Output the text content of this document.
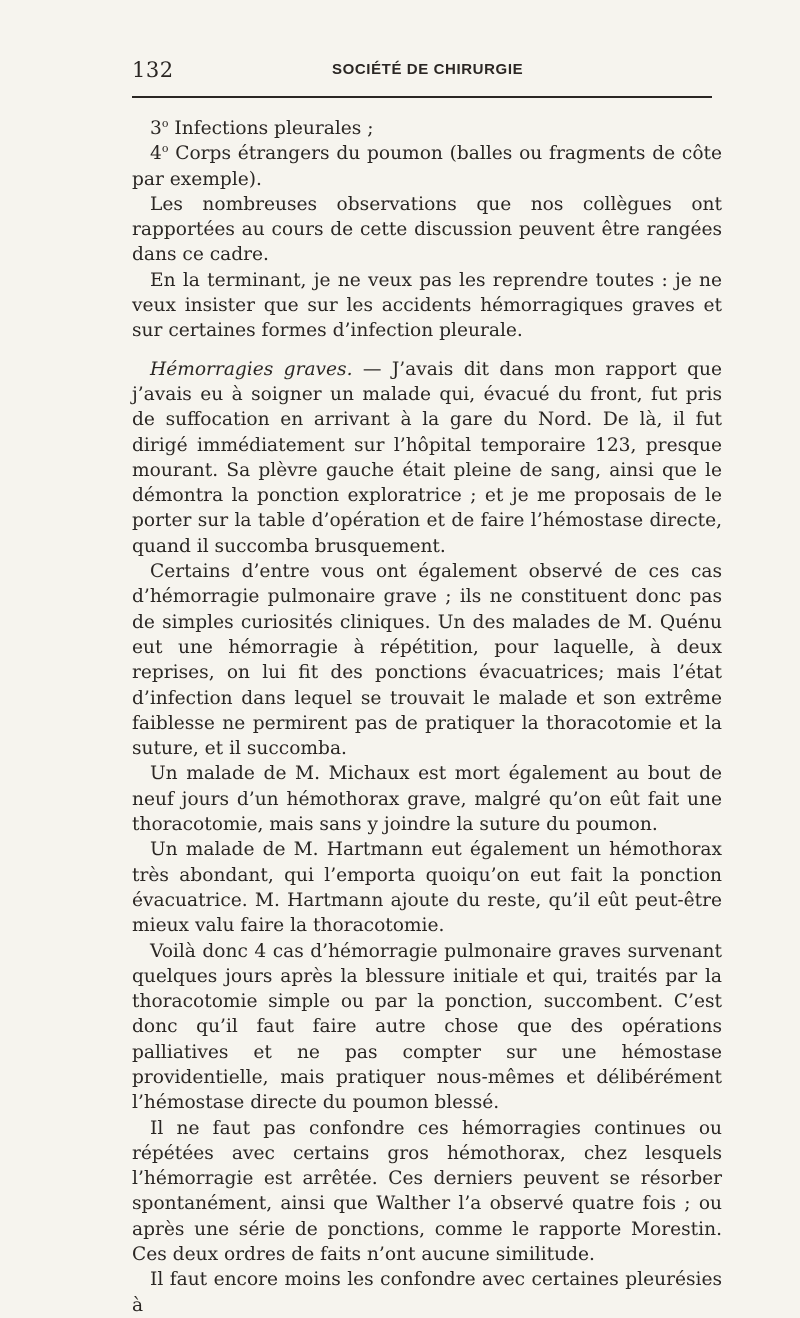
132	SOCIÉTÉ DE CHIRURGIE

3$^o$ Infections pleurales ;

4$^o$ Corps étrangers du poumon (balles ou fragments de côte par exemple).

Les nombreuses observations que nos collègues ont rapportées au cours de cette discussion peuvent être rangées dans ce cadre.

En la terminant, je ne veux pas les reprendre toutes : je ne veux insister que sur les accidents hémorragiques graves et sur certaines formes d’infection pleurale.

Hémorragies graves. — J’avais dit dans mon rapport que j’avais eu à soigner un malade qui, évacué du front, fut pris de suffocation en arrivant à la gare du Nord. De là, il fut dirigé immédiatement sur l’hôpital temporaire 123, presque mourant. Sa plèvre gauche était pleine de sang, ainsi que le démontra la ponction exploratrice ; et je me proposais de le porter sur la table d’opération et de faire l’hémostase directe, quand il succomba brusquement.

Certains d’entre vous ont également observé de ces cas d’hémorragie pulmonaire grave ; ils ne constituent donc pas de simples curiosités cliniques. Un des malades de M. Quénu eut une hémorragie à répétition, pour laquelle, à deux reprises, on lui fit des ponctions évacuatrices; mais l’état d’infection dans lequel se trouvait le malade et son extrême faiblesse ne permirent pas de pratiquer la thoracotomie et la suture, et il succomba.

Un malade de M. Michaux est mort également au bout de neuf jours d’un hémothorax grave, malgré qu’on eût fait une thoracotomie, mais sans y joindre la suture du poumon.

Un malade de M. Hartmann eut également un hémothorax très abondant, qui l’emporta quoiqu’on eut fait la ponction évacuatrice. M. Hartmann ajoute du reste, qu’il eût peut-être mieux valu faire la thoracotomie.

Voilà donc 4 cas d’hémorragie pulmonaire graves survenant quelques jours après la blessure initiale et qui, traités par la thoracotomie simple ou par la ponction, succombent. C’est donc qu’il faut faire autre chose que des opérations palliatives et ne pas compter sur une hémostase providentielle, mais pratiquer nous-mêmes et délibérément l’hémostase directe du poumon blessé.

Il ne faut pas confondre ces hémorragies continues ou répétées avec certains gros hémothorax, chez lesquels l’hémorragie est arrêtée. Ces derniers peuvent se résorber spontanément, ainsi que Walther l’a observé quatre fois ; ou après une série de ponctions, comme le rapporte Morestin. Ces deux ordres de faits n’ont aucune similitude.

Il faut encore moins les confondre avec certaines pleurésies à
